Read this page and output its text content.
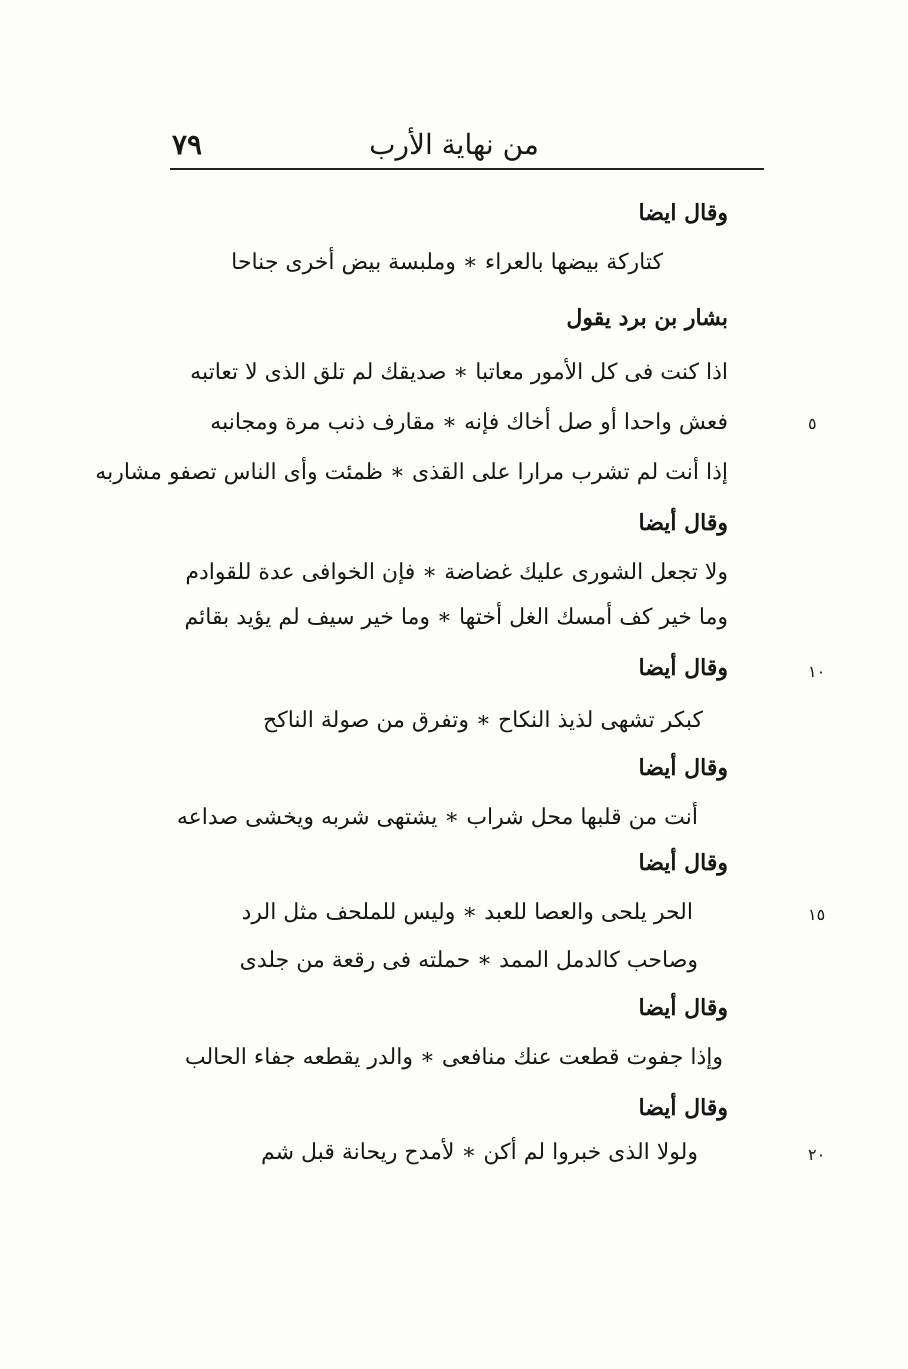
من نهاية الأرب
٧٩
وقال ايضا
كتاركة بيضها بالعراء ∗ وملبسة بيض أخرى جناحا
بشار بن برد يقول
اذا كنت فى كل الأمور معاتبا ∗ صديقك لم تلق الذى لا تعاتبه
فعش واحدا أو صل أخاك فإنه ∗ مقارف ذنب مرة ومجانبه	٥
إذا أنت لم تشرب مرارا على القذى ∗ ظمئت وأى الناس تصفو مشاربه
وقال أيضا
ولا تجعل الشورى عليك غضاضة ∗ فإن الخوافى عدة للقوادم
وما خير كف أمسك الغل أختها ∗ وما خير سيف لم يؤيد بقائم
وقال أيضا	١٠
كبكر تشهى لذيذ النكاح ∗ وتفرق من صولة الناكح
وقال أيضا
أنت من قلبها محل شراب ∗ يشتهى شربه ويخشى صداعه
وقال أيضا
الحر يلحى والعصا للعبد ∗ وليس للملحف مثل الرد	١٥
وصاحب كالدمل الممد ∗ حملته فى رقعة من جلدى
وقال أيضا
وإذا جفوت قطعت عنك منافعى ∗ والدر يقطعه جفاء الحالب
وقال أيضا
ولولا الذى خبروا لم أكن ∗ لأمدح ريحانة قبل شم	٢٠
